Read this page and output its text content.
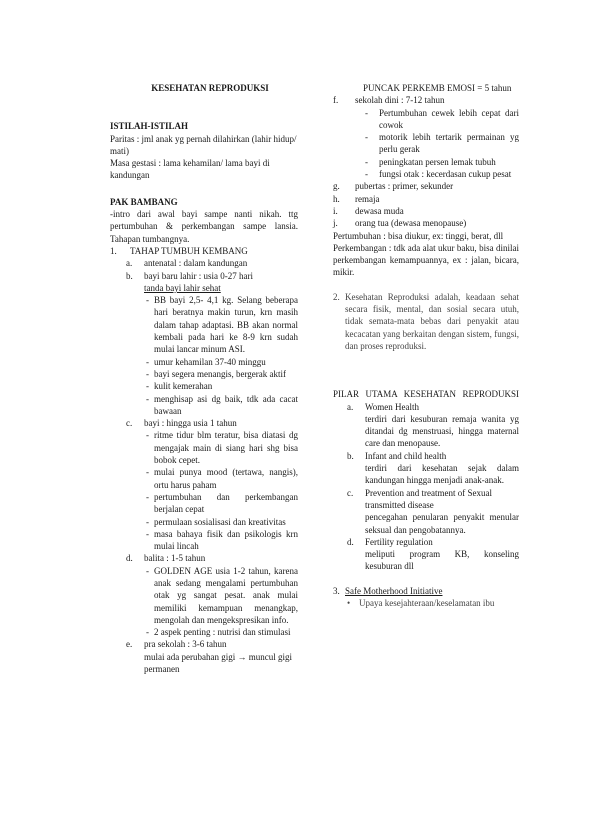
KESEHATAN REPRODUKSI

ISTILAH-ISTILAH

Paritas : jml anak yg pernah dilahirkan (lahir hidup/ mati)

Masa gestasi : lama kehamilan/ lama bayi di kandungan

PAK BAMBANG

-intro dari awal bayi sampe nanti nikah. ttg pertumbuhan & perkembangan sampe lansia. Tahapan tumbangnya.

1.	TAHAP TUMBUH KEMBANG
a.	antenatal : dalam kandungan
b.	bayi baru lahir : usia 0-27 hari

tanda bayi lahir sehat

- BB bayi 2,5- 4,1 kg. Selang beberapa hari beratnya makin turun, krn masih dalam tahap adaptasi. BB akan normal kembali pada hari ke 8-9 krn sudah mulai lancar minum ASI.
- umur kehamilan 37-40 minggu
- bayi segera menangis, bergerak aktif
- kulit kemerahan
- menghisap asi dg baik, tdk ada cacat bawaan
c.	bayi : hingga usia 1 tahun
- ritme tidur blm teratur, bisa diatasi dg mengajak main di siang hari shg bisa bobok cepet.
- mulai punya mood (tertawa, nangis), ortu harus paham
- pertumbuhan dan perkembangan berjalan cepat
- permulaan sosialisasi dan kreativitas
- masa bahaya fisik dan psikologis krn mulai lincah
d.	balita : 1-5 tahun
- GOLDEN AGE usia 1-2 tahun, karena anak sedang mengalami pertumbuhan otak yg sangat pesat. anak mulai memiliki kemampuan menangkap, mengolah dan mengekspresikan info.
- 2 aspek penting : nutrisi dan stimulasi
e.	pra sekolah : 3-6 tahun

mulai ada perubahan gigi → muncul gigi permanen

PUNCAK PERKEMB EMOSI = 5 tahun

f.	sekolah dini : 7-12 tahun
-	Pertumbuhan cewek lebih cepat dari cowok
-	motorik lebih tertarik permainan yg perlu gerak
-	peningkatan persen lemak tubuh
-	fungsi otak : kecerdasan cukup pesat
g.	pubertas : primer, sekunder
h.	remaja
i.	dewasa muda
j.	orang tua (dewasa menopause)

Pertumbuhan : bisa diukur, ex: tinggi, berat, dll

Perkembangan : tdk ada alat ukur baku, bisa dinilai perkembangan kemampuannya, ex : jalan, bicara, mikir.

2. Kesehatan Reproduksi adalah, keadaan sehat secara fisik, mental, dan sosial secara utuh, tidak semata-mata bebas dari penyakit atau kecacatan yang berkaitan dengan sistem, fungsi, dan proses reproduksi.

PILAR UTAMA KESEHATAN REPRODUKSI

a.	Women Health

terdiri dari kesuburan remaja wanita yg ditandai dg menstruasi, hingga maternal care dan menopause.

b.	Infant and child health

terdiri dari kesehatan sejak dalam kandungan hingga menjadi anak-anak.

c.	Prevention and treatment of Sexual transmitted disease

pencegahan penularan penyakit menular seksual dan pengobatannya.

d.	Fertility regulation

meliputi program KB, konseling kesuburan dll

3. Safe Motherhood Initiative
• Upaya kesejahteraan/keselamatan ibu
